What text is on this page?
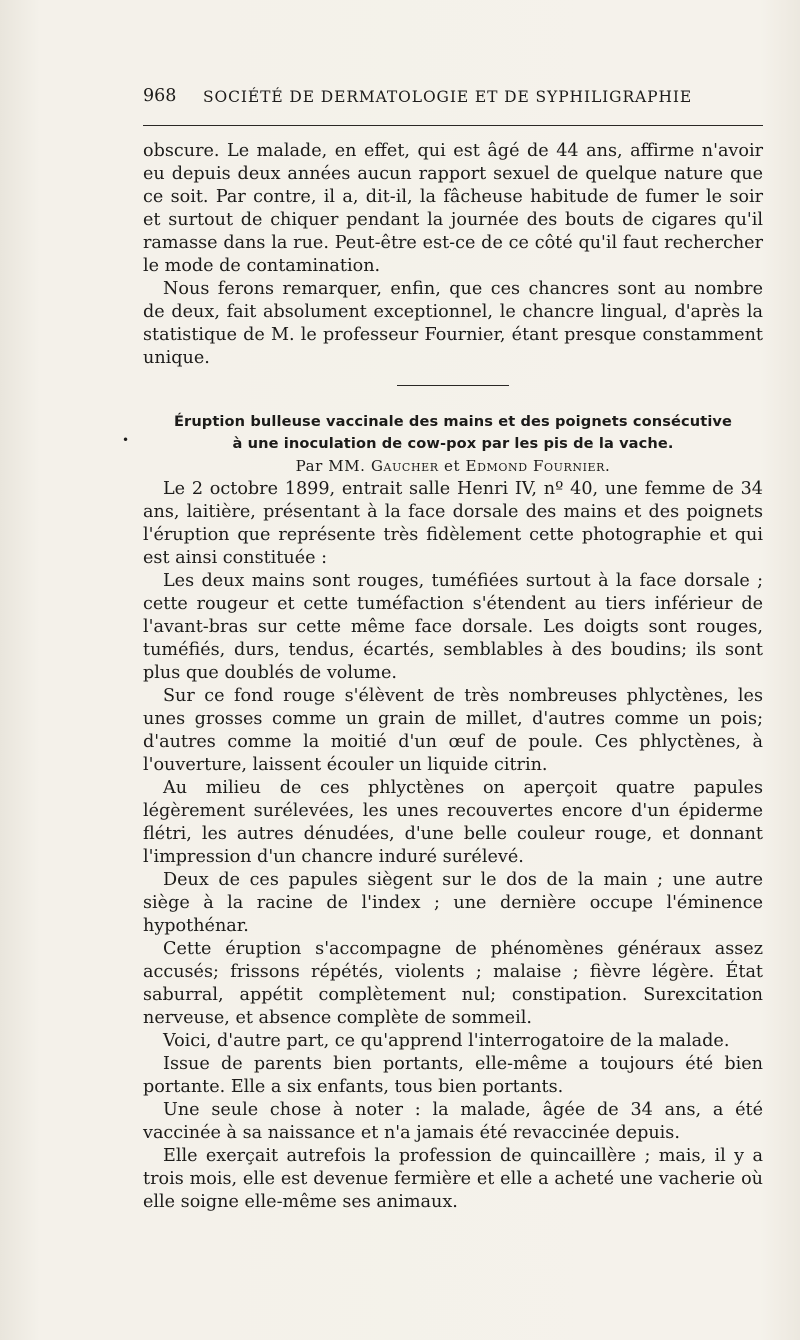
968 SOCIÉTÉ DE DERMATOLOGIE ET DE SYPHILIGRAPHIE
•

obscure. Le malade, en effet, qui est âgé de 44 ans, affirme n'avoir eu depuis deux années aucun rapport sexuel de quelque nature que ce soit. Par contre, il a, dit-il, la fâcheuse habitude de fumer le soir et surtout de chiquer pendant la journée des bouts de cigares qu'il ramasse dans la rue. Peut-être est-ce de ce côté qu'il faut rechercher le mode de contamination.

Nous ferons remarquer, enfin, que ces chancres sont au nombre de deux, fait absolument exceptionnel, le chancre lingual, d'après la statistique de M. le professeur Fournier, étant presque constamment unique.

Éruption bulleuse vaccinale des mains et des poignets consécutive
à une inoculation de cow-pox par les pis de la vache.

Par MM. Gaucher et Edmond Fournier.

Le 2 octobre 1899, entrait salle Henri IV, nº 40, une femme de 34 ans, laitière, présentant à la face dorsale des mains et des poignets l'éruption que représente très fidèlement cette photographie et qui est ainsi constituée :

Les deux mains sont rouges, tuméfiées surtout à la face dorsale ; cette rougeur et cette tuméfaction s'étendent au tiers inférieur de l'avant-bras sur cette même face dorsale. Les doigts sont rouges, tuméfiés, durs, tendus, écartés, semblables à des boudins; ils sont plus que doublés de volume.

Sur ce fond rouge s'élèvent de très nombreuses phlyctènes, les unes grosses comme un grain de millet, d'autres comme un pois; d'autres comme la moitié d'un œuf de poule. Ces phlyctènes, à l'ouverture, laissent écouler un liquide citrin.

Au milieu de ces phlyctènes on aperçoit quatre papules légèrement surélevées, les unes recouvertes encore d'un épiderme flétri, les autres dénudées, d'une belle couleur rouge, et donnant l'impression d'un chancre induré surélevé.

Deux de ces papules siègent sur le dos de la main ; une autre siège à la racine de l'index ; une dernière occupe l'éminence hypothénar.

Cette éruption s'accompagne de phénomènes généraux assez accusés; frissons répétés, violents ; malaise ; fièvre légère. État saburral, appétit complètement nul; constipation. Surexcitation nerveuse, et absence complète de sommeil.

Voici, d'autre part, ce qu'apprend l'interrogatoire de la malade.

Issue de parents bien portants, elle-même a toujours été bien portante. Elle a six enfants, tous bien portants.

Une seule chose à noter : la malade, âgée de 34 ans, a été vaccinée à sa naissance et n'a jamais été revaccinée depuis.

Elle exerçait autrefois la profession de quincaillère ; mais, il y a trois mois, elle est devenue fermière et elle a acheté une vacherie où elle soigne elle-même ses animaux.
